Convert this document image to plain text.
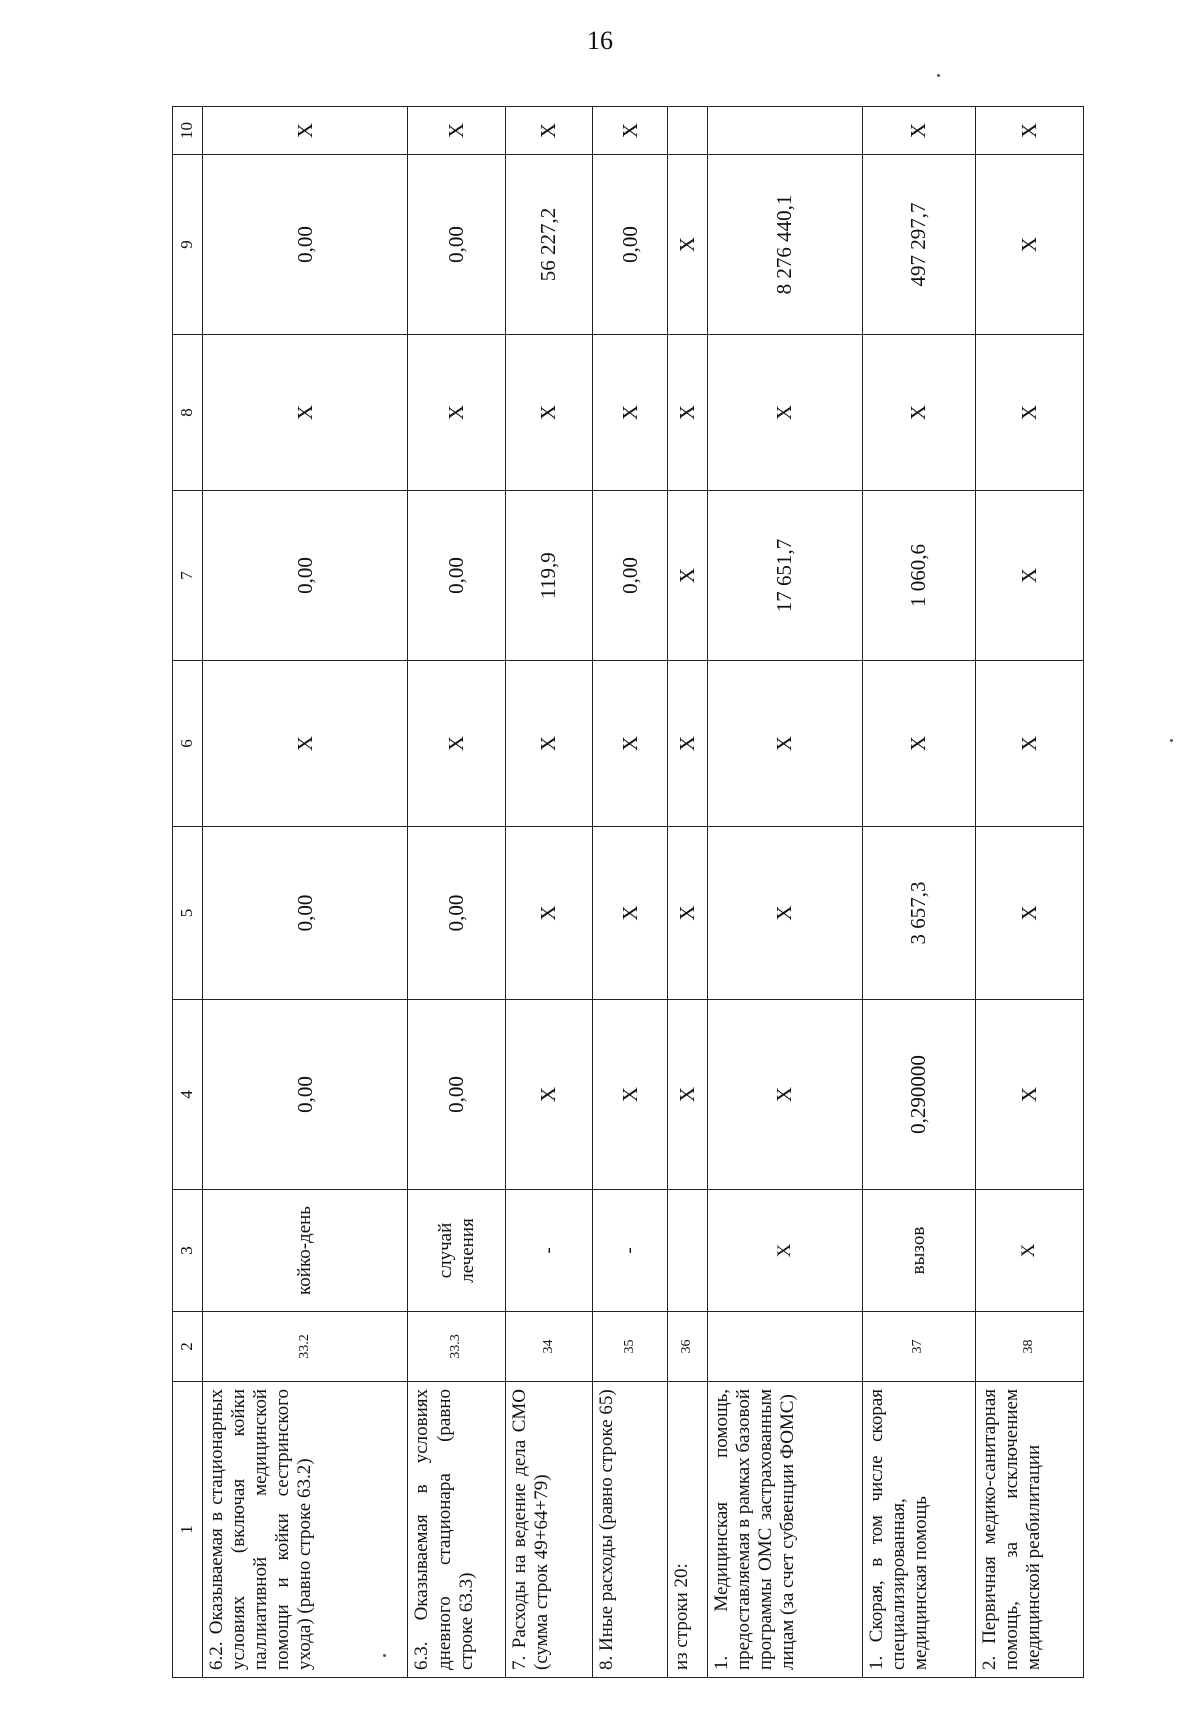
16
1	2	3	4	5	6	7	8	9	10
6.2. Оказываемая в стационарных условиях (включая койки паллиативной медицинской помощи и койки сестринского ухода) (равно строке 63.2)	33.2	койко-день	0,00	0,00	X	0,00	X	0,00	X
6.3. Оказываемая в условиях дневного стационара (равно строке 63.3)	33.3	случай лечения	0,00	0,00	X	0,00	X	0,00	X
7. Расходы на ведение дела СМО (сумма строк 49+64+79)	34	-	X	X	X	119,9	X	56 227,2	X
8. Иные расходы (равно строке 65)	35	-	X	X	X	0,00	X	0,00	X
из строки 20:	36		X	X	X	X	X	X	
1. Медицинская помощь, предоставляемая в рамках базовой программы ОМС застрахованным лицам (за счет субвенции ФОМС)		X	X	X	X	17 651,7	X	8 276 440,1	
1. Скорая, в том числе скорая специализированная, медицинская помощь	37	вызов	0,290000	3 657,3	X	1 060,6	X	497 297,7	X
2. Первичная медико-санитарная помощь, за исключением медицинской реабилитации	38	X	X	X	X	X	X	X	X
